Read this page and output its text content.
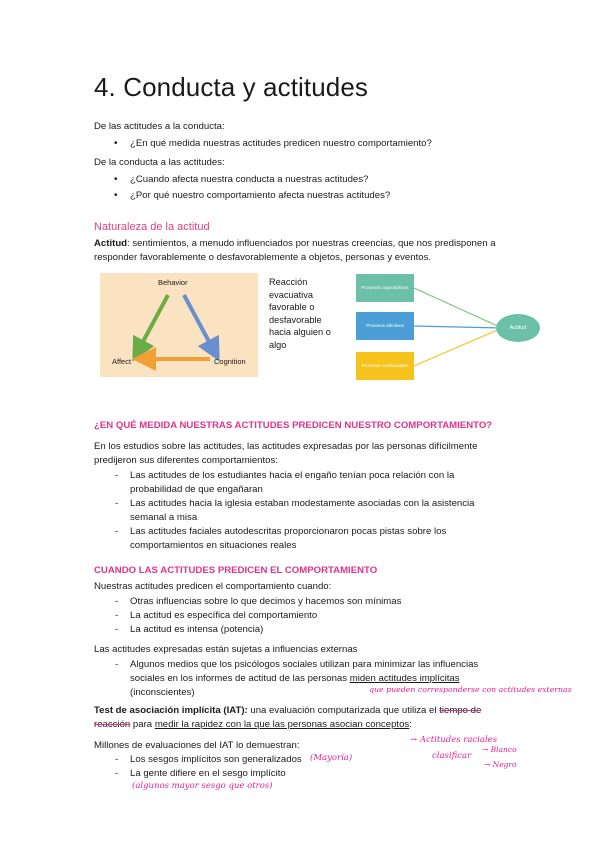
4. Conducta y actitudes
De las actitudes a la conducta:
• ¿En qué medida nuestras actitudes predicen nuestro comportamiento?
De la conducta a las actitudes:
• ¿Cuando afecta nuestra conducta a nuestras actitudes?
• ¿Por qué nuestro comportamiento afecta nuestras actitudes?
Naturaleza de la actitud
Actitud: sentimientos, a menudo influenciados por nuestras creencias, que nos predisponen a
responder favorablemente o desfavorablemente a objetos, personas y eventos.
Behavior
Affect	Cognition
Reacción
evacuativa
favorable o
desfavorable
hacia alguien o
algo
Procesos cognoscitivos
Procesos afectivos
Procesos conductuales
Actitud
¿EN QUÉ MEDIDA NUESTRAS ACTITUDES PREDICEN NUESTRO COMPORTAMIENTO?
En los estudios sobre las actitudes, las actitudes expresadas por las personas difícilmente
predijeron sus diferentes comportamientos:
- Las actitudes de los estudiantes hacia el engaño tenían poca relación con la
probabilidad de que engañaran
- Las actitudes hacia la iglesia estaban modestamente asociadas con la asistencia
semanal a misa
- Las actitudes faciales autodescritas proporcionaron pocas pistas sobre los
comportamientos en situaciones reales
CUANDO LAS ACTITUDES PREDICEN EL COMPORTAMIENTO
Nuestras actitudes predicen el comportamiento cuando:
- Otras influencias sobre lo que decimos y hacemos son mínimas
- La actitud es específica del comportamiento
- La actitud es intensa (potencia)
Las actitudes expresadas están sujetas a influencias externas
- Algunos medios que los psicólogos sociales utilizan para minimizar las influencias
sociales en los informes de actitud de las personas miden actitudes implícitas
(inconscientes)
Test de asociación implícita (IAT): una evaluación computarizada que utiliza el tiempo de
reacción para medir la rapidez con la que las personas asocian conceptos:
Millones de evaluaciones del IAT lo demuestran:
- Los sesgos implícitos son generalizados
- La gente difiere en el sesgo implícito
que pueden corresponderse con actitudes externas
→ Actitudes raciales
clasificar
→ Blanco
→ Negro
(Mayoría)
(algunos mayor sesgo que otros)
